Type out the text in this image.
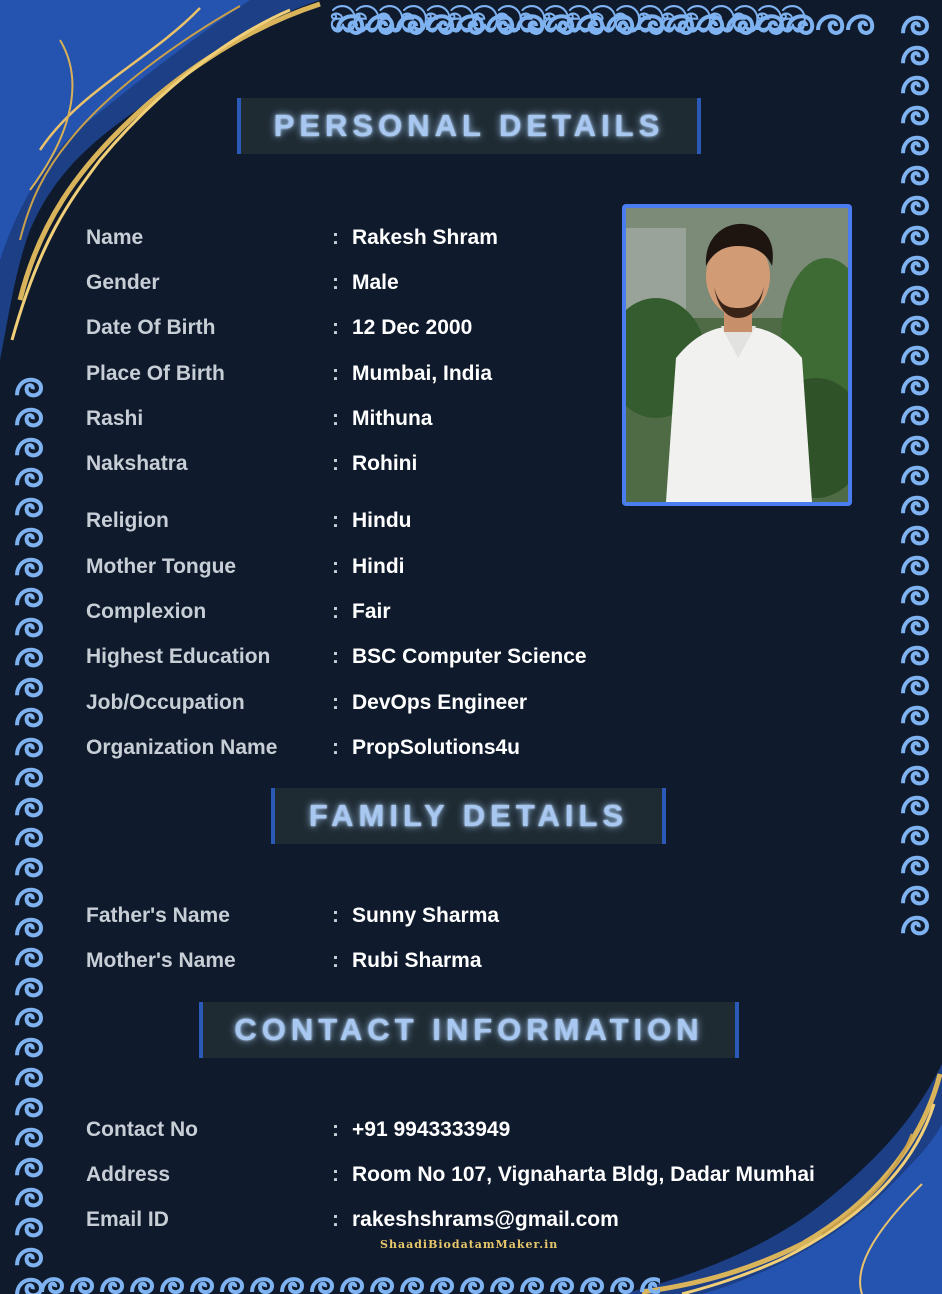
ඞඞඞඞඞඞඞඞඞඞඞඞඞඞඞඞඞඞඞඞ
PERSONAL DETAILS
Name	: Rakesh Shram
Gender	: Male
Date Of Birth	: 12 Dec 2000
Place Of Birth	: Mumbai, India
Rashi	: Mithuna
Nakshatra	: Rohini
Religion	: Hindu
Mother Tongue	: Hindi
Complexion	: Fair
Highest Education	: BSC Computer Science
Job/Occupation	: DevOps Engineer
Organization Name	: PropSolutions4u
FAMILY DETAILS
Father's Name	: Sunny Sharma
Mother's Name	: Rubi Sharma
CONTACT INFORMATION
Contact No	: +91 9943333949
Address	: Room No 107, Vignaharta Bldg, Dadar Mumhai
Email ID	: rakeshshrams@gmail.com
ShaadiBiodatamMaker.in
